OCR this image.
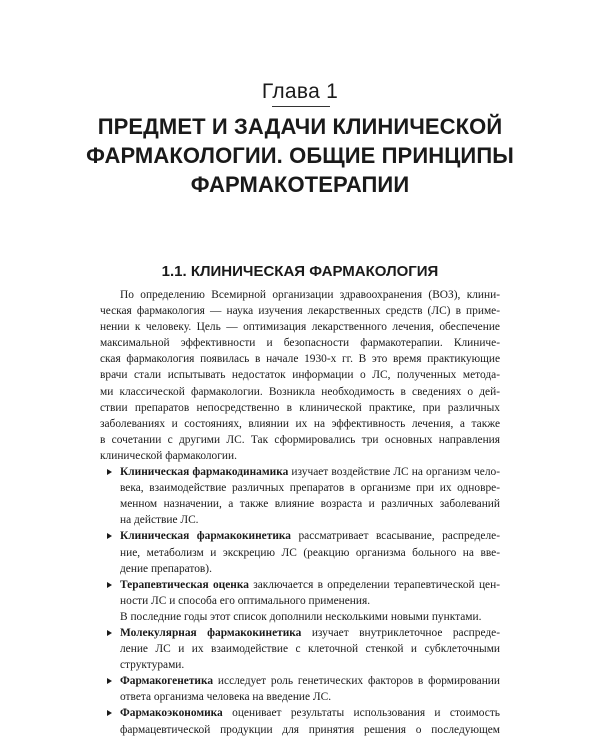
Глава 1
ПРЕДМЕТ И ЗАДАЧИ КЛИНИЧЕСКОЙ
ФАРМАКОЛОГИИ. ОБЩИЕ ПРИНЦИПЫ
ФАРМАКОТЕРАПИИ
1.1. КЛИНИЧЕСКАЯ ФАРМАКОЛОГИЯ
По определению Всемирной организации здравоохранения (ВОЗ), клини-
ческая фармакология — наука изучения лекарственных средств (ЛС) в приме-
нении к человеку. Цель — оптимизация лекарственного лечения, обеспечение
максимальной эффективности и безопасности фармакотерапии. Клиниче-
ская фармакология появилась в начале 1930-х гг. В это время практикующие
врачи стали испытывать недостаток информации о ЛС, полученных метода-
ми классической фармакологии. Возникла необходимость в сведениях о дей-
ствии препаратов непосредственно в клинической практике, при различных
заболеваниях и состояниях, влиянии их на эффективность лечения, а также
в сочетании с другими ЛС. Так сформировались три основных направления
клинической фармакологии.
Клиническая фармакодинамика изучает воздействие ЛС на организм чело-
века, взаимодействие различных препаратов в организме при их одновре-
менном назначении, а также влияние возраста и различных заболеваний
на действие ЛС.
Клиническая фармакокинетика рассматривает всасывание, распределе-
ние, метаболизм и экскрецию ЛС (реакцию организма больного на вве-
дение препаратов).
Терапевтическая оценка заключается в определении терапевтической цен-
ности ЛС и способа его оптимального применения.
В последние годы этот список дополнили несколькими новыми пунктами.
Молекулярная фармакокинетика изучает внутриклеточное распреде-
ление ЛС и их взаимодействие с клеточной стенкой и субклеточными
структурами.
Фармакогенетика исследует роль генетических факторов в формировании
ответа организма человека на введение ЛС.
Фармакоэкономика оценивает результаты использования и стоимость
фармацевтической продукции для принятия решения о последующем
